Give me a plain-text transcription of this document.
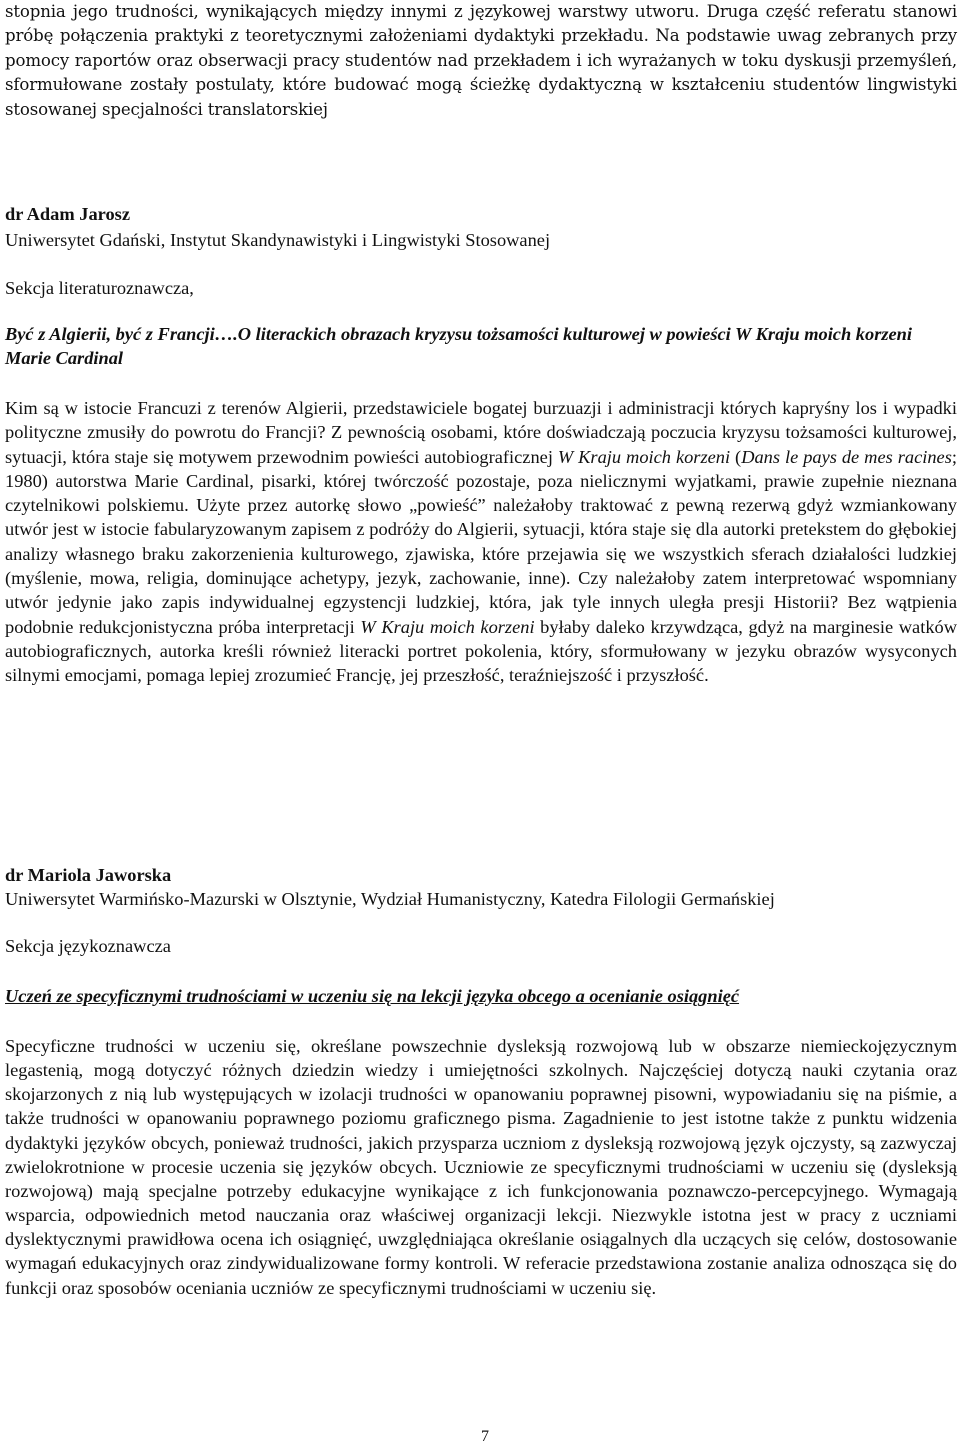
stopnia jego trudności, wynikających między innymi z językowej warstwy utworu. Druga część referatu stanowi próbę połączenia praktyki z teoretycznymi założeniami dydaktyki przekładu. Na podstawie uwag zebranych przy pomocy raportów oraz obserwacji pracy studentów nad przekładem i ich wyrażanych w toku dyskusji przemyśleń, sformułowane zostały postulaty, które budować mogą ścieżkę dydaktyczną w kształceniu studentów lingwistyki stosowanej specjalności translatorskiej

dr Adam Jarosz
Uniwersytet Gdański, Instytut Skandynawistyki i Lingwistyki Stosowanej
Sekcja literaturoznawcza,
Być z Algierii, być z Francji….O literackich obrazach kryzysu tożsamości kulturowej w powieści W Kraju moich korzeni Marie Cardinal

Kim są w istocie Francuzi z terenów Algierii, przedstawiciele bogatej burzuazji i administracji których kapryśny los i wypadki polityczne zmusiły do powrotu do Francji? Z pewnością osobami, które doświadczają poczucia kryzysu tożsamości kulturowej, sytuacji, która staje się motywem przewodnim powieści autobiograficznej W Kraju moich korzeni (Dans le pays de mes racines; 1980) autorstwa Marie Cardinal, pisarki, której twórczość pozostaje, poza nielicznymi wyjatkami, prawie zupełnie nieznana czytelnikowi polskiemu. Użyte przez autorkę słowo „powieść” należałoby traktować z pewną rezerwą gdyż wzmiankowany utwór jest w istocie fabularyzowanym zapisem z podróży do Algierii, sytuacji, która staje się dla autorki pretekstem do głębokiej analizy własnego braku zakorzenienia kulturowego, zjawiska, które przejawia się we wszystkich sferach działalości ludzkiej (myślenie, mowa, religia, dominujące achetypy, jezyk, zachowanie, inne). Czy należałoby zatem interpretować wspomniany utwór jedynie jako zapis indywidualnej egzystencji ludzkiej, która, jak tyle innych uległa presji Historii? Bez wątpienia podobnie redukcjonistyczna próba interpretacji W Kraju moich korzeni byłaby daleko krzywdząca, gdyż na marginesie watków autobiograficznych, autorka kreśli również literacki portret pokolenia, który, sformułowany w jezyku obrazów wysyconych silnymi emocjami, pomaga lepiej zrozumieć Francję, jej przeszłość, teraźniejszość i przyszłość.

dr Mariola Jaworska
Uniwersytet Warmińsko-Mazurski w Olsztynie, Wydział Humanistyczny, Katedra Filologii Germańskiej
Sekcja językoznawcza
Uczeń ze specyficznymi trudnościami w uczeniu się na lekcji języka obcego a ocenianie osiągnięć

Specyficzne trudności w uczeniu się, określane powszechnie dysleksją rozwojową lub w obszarze niemieckojęzycznym legastenią, mogą dotyczyć różnych dziedzin wiedzy i umiejętności szkolnych. Najczęściej dotyczą nauki czytania oraz skojarzonych z nią lub występujących w izolacji trudności w opanowaniu poprawnej pisowni, wypowiadaniu się na piśmie, a także trudności w opanowaniu poprawnego poziomu graficznego pisma. Zagadnienie to jest istotne także z punktu widzenia dydaktyki języków obcych, ponieważ trudności, jakich przysparza uczniom z dysleksją rozwojową język ojczysty, są zazwyczaj zwielokrotnione w procesie uczenia się języków obcych. Uczniowie ze specyficznymi trudnościami w uczeniu się (dysleksją rozwojową) mają specjalne potrzeby edukacyjne wynikające z ich funkcjonowania poznawczo-percepcyjnego. Wymagają wsparcia, odpowiednich metod nauczania oraz właściwej organizacji lekcji. Niezwykle istotna jest w pracy z uczniami dyslektycznymi prawidłowa ocena ich osiągnięć, uwzględniająca określanie osiągalnych dla uczących się celów, dostosowanie wymagań edukacyjnych oraz zindywidualizowane formy kontroli. W referacie przedstawiona zostanie analiza odnosząca się do funkcji oraz sposobów oceniania uczniów ze specyficznymi trudnościami w uczeniu się.

7
